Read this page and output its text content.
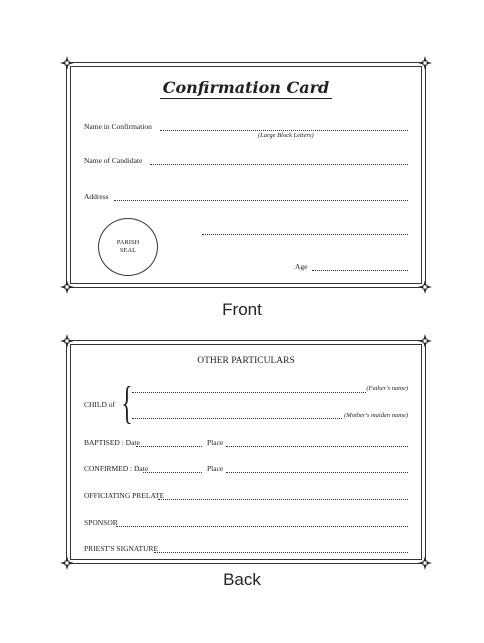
Confirmation Card
Name in Confirmation
(Large Block Letters)
Name of Candidate
Address
PARISH
SEAL
Age
Front
OTHER PARTICULARS
CHILD of {	(Father's name)
(Mother's maiden name)
BAPTISED : Date	Place
CONFIRMED : Date	Place
OFFICIATING PRELATE
SPONSOR
PRIEST'S SIGNATURE
Back
